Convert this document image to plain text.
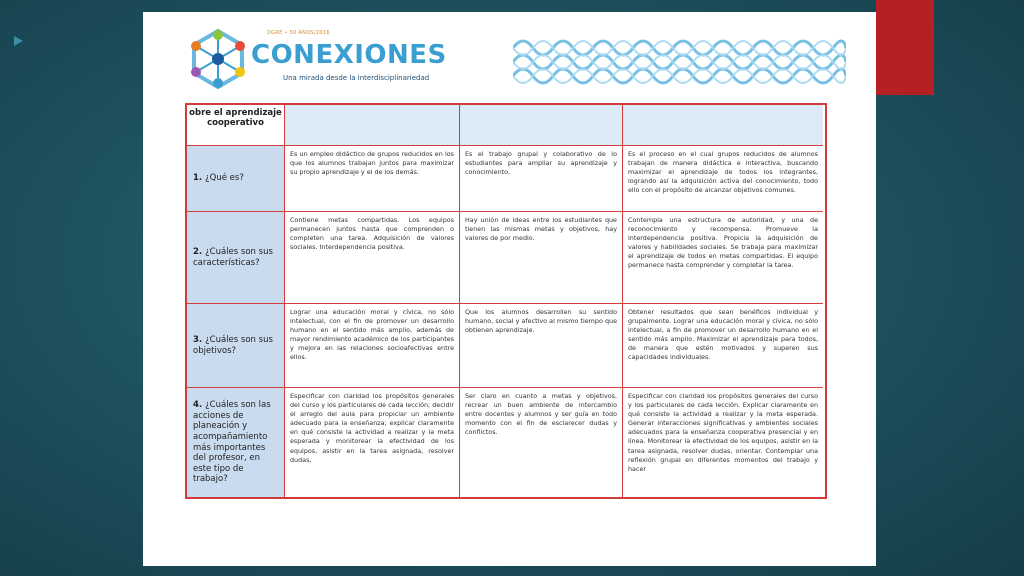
DGRE • 50 AÑOS/2016
CONEXIONES
Una mirada desde la interdisciplinariedad
obre el aprendizaje cooperativo
1. ¿Qué es?
Es un empleo didáctico de grupos reducidos en los que los alumnos trabajan juntos para maximizar su propio aprendizaje y el de los demás.
Es el trabajo grupal y colaborativo de lo estudiantes para ampliar su aprendizaje y conocimiento.
Es el proceso en el cual grupos reducidos de alumnos trabajan de manera didáctica e interactiva, buscando maximizar el aprendizaje de todos los integrantes, logrando así la adquisición activa del conocimiento, todo ello con el propósito de alcanzar objetivos comunes.
2. ¿Cuáles son sus características?
Contiene metas compartidas. Los equipos permanecen juntos hasta que comprenden o completen una tarea. Adquisición de valores sociales. Interdependencia positiva.
Hay unión de ideas entre los estudiantes que tienen las mismas metas y objetivos, hay valores de por medio.
Contempla una estructura de autoridad, y una de reconocimiento y recompensa. Promueve la interdependencia positiva. Propicia la adquisición de valores y habilidades sociales. Se trabaja para maximizar el aprendizaje de todos en metas compartidas. El equipo permanece hasta comprender y completar la tarea.
3. ¿Cuáles son sus objetivos?
Lograr una educación moral y cívica, no sólo intelectual, con el fin de promover un desarrollo humano en el sentido más amplio, además de mayor rendimiento académico de los participantes y mejora en las relaciones socioafectivas entre ellos.
Que los alumnos desarrollen su sentido humano, social y afectivo al mismo tiempo que obtienen aprendizaje.
Obtener resultados que sean benéficos individual y grupalmente. Lograr una educación moral y cívica, no sólo intelectual, a fin de promover un desarrollo humano en el sentido más amplio. Maximizar el aprendizaje para todos, de manera que estén motivados y superen sus capacidades individuales.
4. ¿Cuáles son las acciones de planeación y acompañamiento más importantes del profesor, en este tipo de trabajo?
Especificar con claridad los propósitos generales del curso y los particulares de cada lección; decidir el arreglo del aula para propiciar un ambiente adecuado para la enseñanza; explicar claramente en qué consiste la actividad a realizar y la meta esperada y monitorear la efectividad de los equipos, asistir en la tarea asignada, resolver dudas,
Ser claro en cuanto a metas y objetivos, recrear un buen ambiente de intercambio entre docentes y alumnos y ser guía en todo momento con el fin de esclarecer dudas y conflictos.
Especificar con claridad los propósitos generales del curso y los particulares de cada lección. Explicar claramente en qué consiste la actividad a realizar y la meta esperada. Generar interacciones significativas y ambientes sociales adecuados para la enseñanza cooperativa presencial y en línea. Monitorear la efectividad de los equipos, asistir en la tarea asignada, resolver dudas, orientar. Contemplar una reflexión grupal en diferentes momentos del trabajo y hacer
